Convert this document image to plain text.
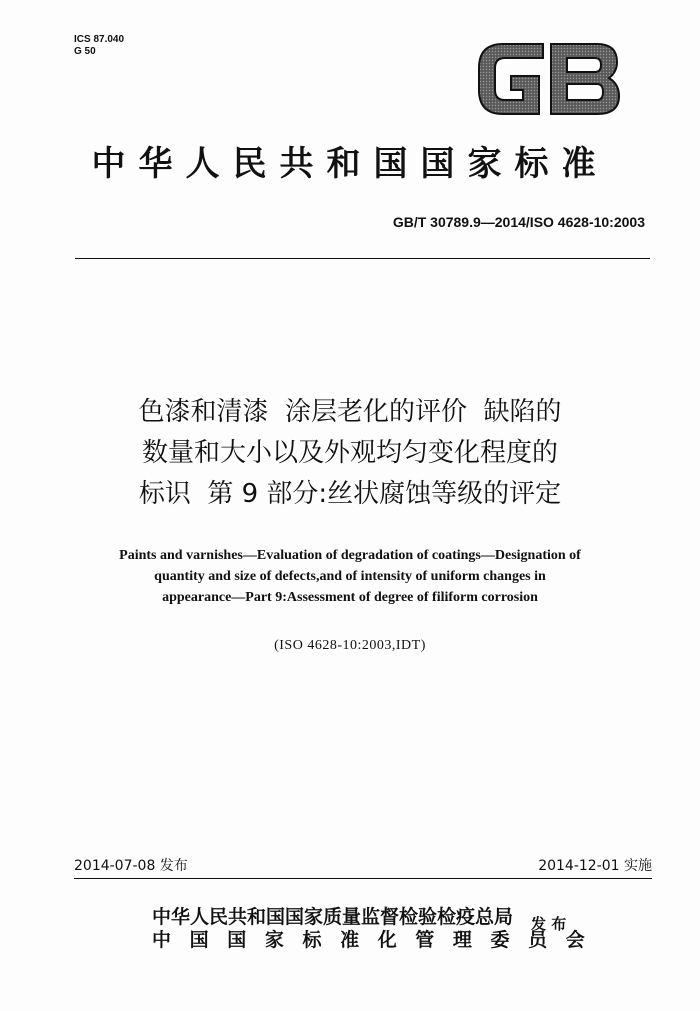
ICS 87.040
G 50
中华人民共和国国家标准
GB/T 30789.9—2014/ISO 4628-10:2003
色漆和清漆  涂层老化的评价  缺陷的
数量和大小以及外观均匀变化程度的
标识  第 9 部分:丝状腐蚀等级的评定
Paints and varnishes—Evaluation of degradation of coatings—Designation of
quantity and size of defects,and of intensity of uniform changes in
appearance—Part 9:Assessment of degree of filiform corrosion
(ISO 4628-10:2003,IDT)
2014-07-08 发布	2014-12-01 实施
中华人民共和国国家质量监督检验检疫总局
中 国 国 家 标 准 化 管 理 委 员 会
发 布
